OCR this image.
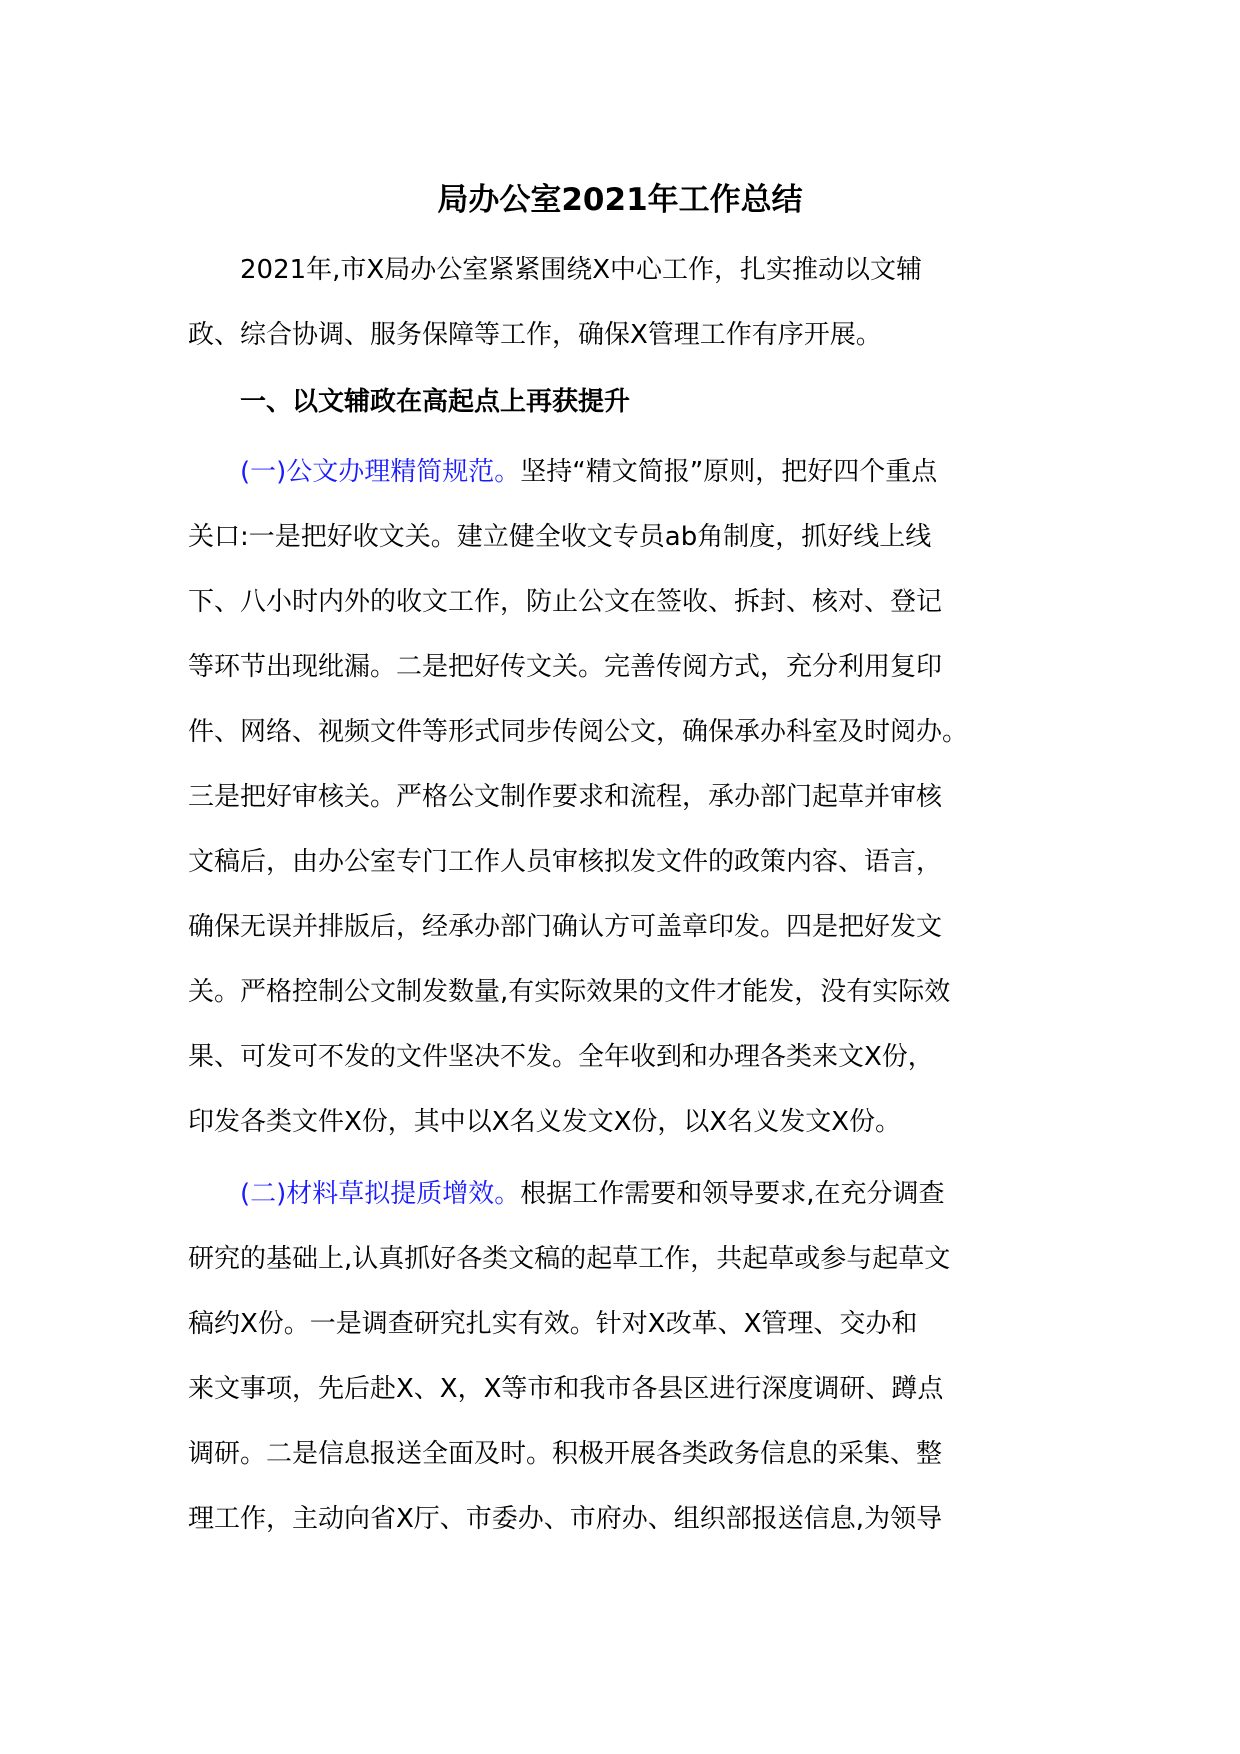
局办公室2021年工作总结
2021年,市X局办公室紧紧围绕X中心工作，扎实推动以文辅
政、综合协调、服务保障等工作，确保X管理工作有序开展。
一、以文辅政在高起点上再获提升
(一)公文办理精简规范。坚持“精文简报”原则，把好四个重点
关口:一是把好收文关。建立健全收文专员ab角制度，抓好线上线
下、八小时内外的收文工作，防止公文在签收、拆封、核对、登记
等环节出现纰漏。二是把好传文关。完善传阅方式，充分利用复印
件、网络、视频文件等形式同步传阅公文，确保承办科室及时阅办。
三是把好审核关。严格公文制作要求和流程，承办部门起草并审核
文稿后，由办公室专门工作人员审核拟发文件的政策内容、语言，
确保无误并排版后，经承办部门确认方可盖章印发。四是把好发文
关。严格控制公文制发数量,有实际效果的文件才能发，没有实际效
果、可发可不发的文件坚决不发。全年收到和办理各类来文X份，
印发各类文件X份，其中以X名义发文X份，以X名义发文X份。
(二)材料草拟提质增效。根据工作需要和领导要求,在充分调查
研究的基础上,认真抓好各类文稿的起草工作，共起草或参与起草文
稿约X份。一是调查研究扎实有效。针对X改革、X管理、交办和
来文事项，先后赴X、X，X等市和我市各县区进行深度调研、蹲点
调研。二是信息报送全面及时。积极开展各类政务信息的采集、整
理工作，主动向省X厅、市委办、市府办、组织部报送信息,为领导
